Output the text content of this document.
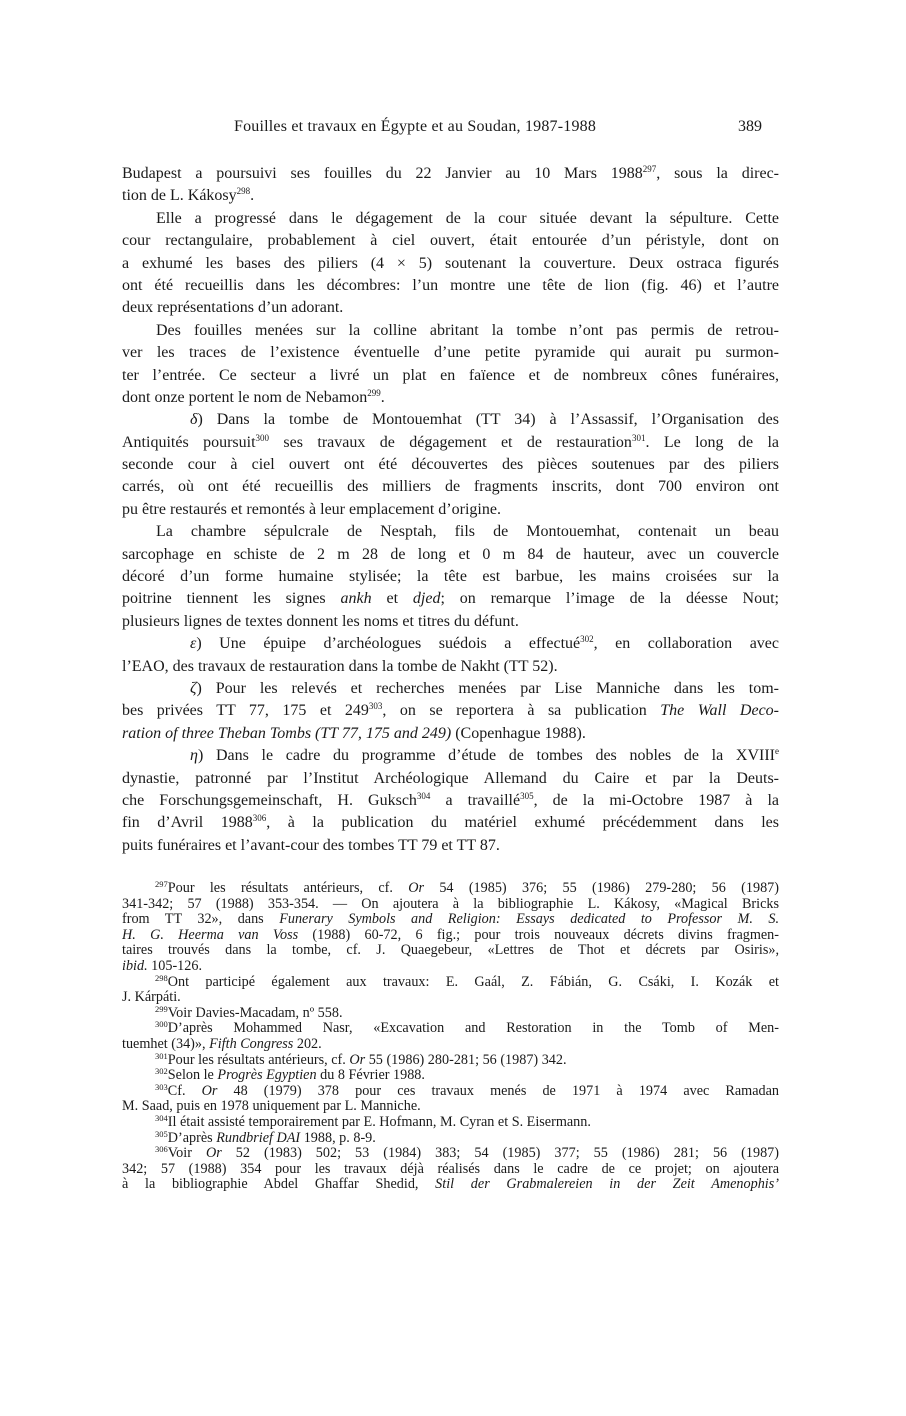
Fouilles et travaux en Égypte et au Soudan, 1987-1988	389
Budapest a poursuivi ses fouilles du 22 Janvier au 10 Mars 1988$^{297}$, sous la direc-
tion de L. Kákosy$^{298}$.
Elle a progressé dans le dégagement de la cour située devant la sépulture. Cette
cour rectangulaire, probablement à ciel ouvert, était entourée d’un péristyle, dont on
a exhumé les bases des piliers (4 × 5) soutenant la couverture. Deux ostraca figurés
ont été recueillis dans les décombres: l’un montre une tête de lion (fig. 46) et l’autre
deux représentations d’un adorant.
Des fouilles menées sur la colline abritant la tombe n’ont pas permis de retrou-
ver les traces de l’existence éventuelle d’une petite pyramide qui aurait pu surmon-
ter l’entrée. Ce secteur a livré un plat en faïence et de nombreux cônes funéraires,
dont onze portent le nom de Nebamon$^{299}$.
δ) Dans la tombe de Montouemhat (TT 34) à l’Assassif, l’Organisation des
Antiquités poursuit$^{300}$ ses travaux de dégagement et de restauration$^{301}$. Le long de la
seconde cour à ciel ouvert ont été découvertes des pièces soutenues par des piliers
carrés, où ont été recueillis des milliers de fragments inscrits, dont 700 environ ont
pu être restaurés et remontés à leur emplacement d’origine.
La chambre sépulcrale de Nesptah, fils de Montouemhat, contenait un beau
sarcophage en schiste de 2 m 28 de long et 0 m 84 de hauteur, avec un couvercle
décoré d’un forme humaine stylisée; la tête est barbue, les mains croisées sur la
poitrine tiennent les signes ankh et djed; on remarque l’image de la déesse Nout;
plusieurs lignes de textes donnent les noms et titres du défunt.
ε) Une épuipe d’archéologues suédois a effectué$^{302}$, en collaboration avec
l’EAO, des travaux de restauration dans la tombe de Nakht (TT 52).
ζ) Pour les relevés et recherches menées par Lise Manniche dans les tom-
bes privées TT 77, 175 et $249^{303}$, on se reportera à sa publication The Wall Deco-
ration of three Theban Tombs (TT 77, 175 and 249) (Copenhague 1988).
η) Dans le cadre du programme d’étude de tombes des nobles de la XVIIIe
dynastie, patronné par l’Institut Archéologique Allemand du Caire et par la Deuts-
che Forschungsgemeinschaft, H. Guksch$^{304}$ a travaillé$^{305}$, de la mi-Octobre 1987 à la
fin d’Avril 1988$^{306}$, à la publication du matériel exhumé précédemment dans les
puits funéraires et l’avant-cour des tombes TT 79 et TT 87.
$^{297}$Pour les résultats antérieurs, cf. Or 54 (1985) 376; 55 (1986) 279-280; 56 (1987)
341-342; 57 (1988) 353-354. — On ajoutera à la bibliographie L. Kákosy, «Magical Bricks
from TT 32», dans Funerary Symbols and Religion: Essays dedicated to Professor M. S.
H. G. Heerma van Voss (1988) 60-72, 6 fig.; pour trois nouveaux décrets divins fragmen-
taires trouvés dans la tombe, cf. J. Quaegebeur, «Lettres de Thot et décrets par Osiris»,
ibid. 105-126.
$^{298}$Ont participé également aux travaux: E. Gaál, Z. Fábián, G. Csáki, I. Kozák et
J. Kárpáti.
$^{299}$Voir Davies-Macadam, nº 558.
$^{300}$D’après Mohammed Nasr, «Excavation and Restoration in the Tomb of Men-
tuemhet (34)», Fifth Congress 202.
$^{301}$Pour les résultats antérieurs, cf. Or 55 (1986) 280-281; 56 (1987) 342.
$^{302}$Selon le Progrès Egyptien du 8 Février 1988.
$^{303}$Cf. Or 48 (1979) 378 pour ces travaux menés de 1971 à 1974 avec Ramadan
M. Saad, puis en 1978 uniquement par L. Manniche.
$^{304}$Il était assisté temporairement par E. Hofmann, M. Cyran et S. Eisermann.
$^{305}$D’après Rundbrief DAI 1988, p. 8-9.
$^{306}$Voir Or 52 (1983) 502; 53 (1984) 383; 54 (1985) 377; 55 (1986) 281; 56 (1987)
342; 57 (1988) 354 pour les travaux déjà réalisés dans le cadre de ce projet; on ajoutera
à la bibliographie Abdel Ghaffar Shedid, Stil der Grabmalereien in der Zeit Amenophis’
